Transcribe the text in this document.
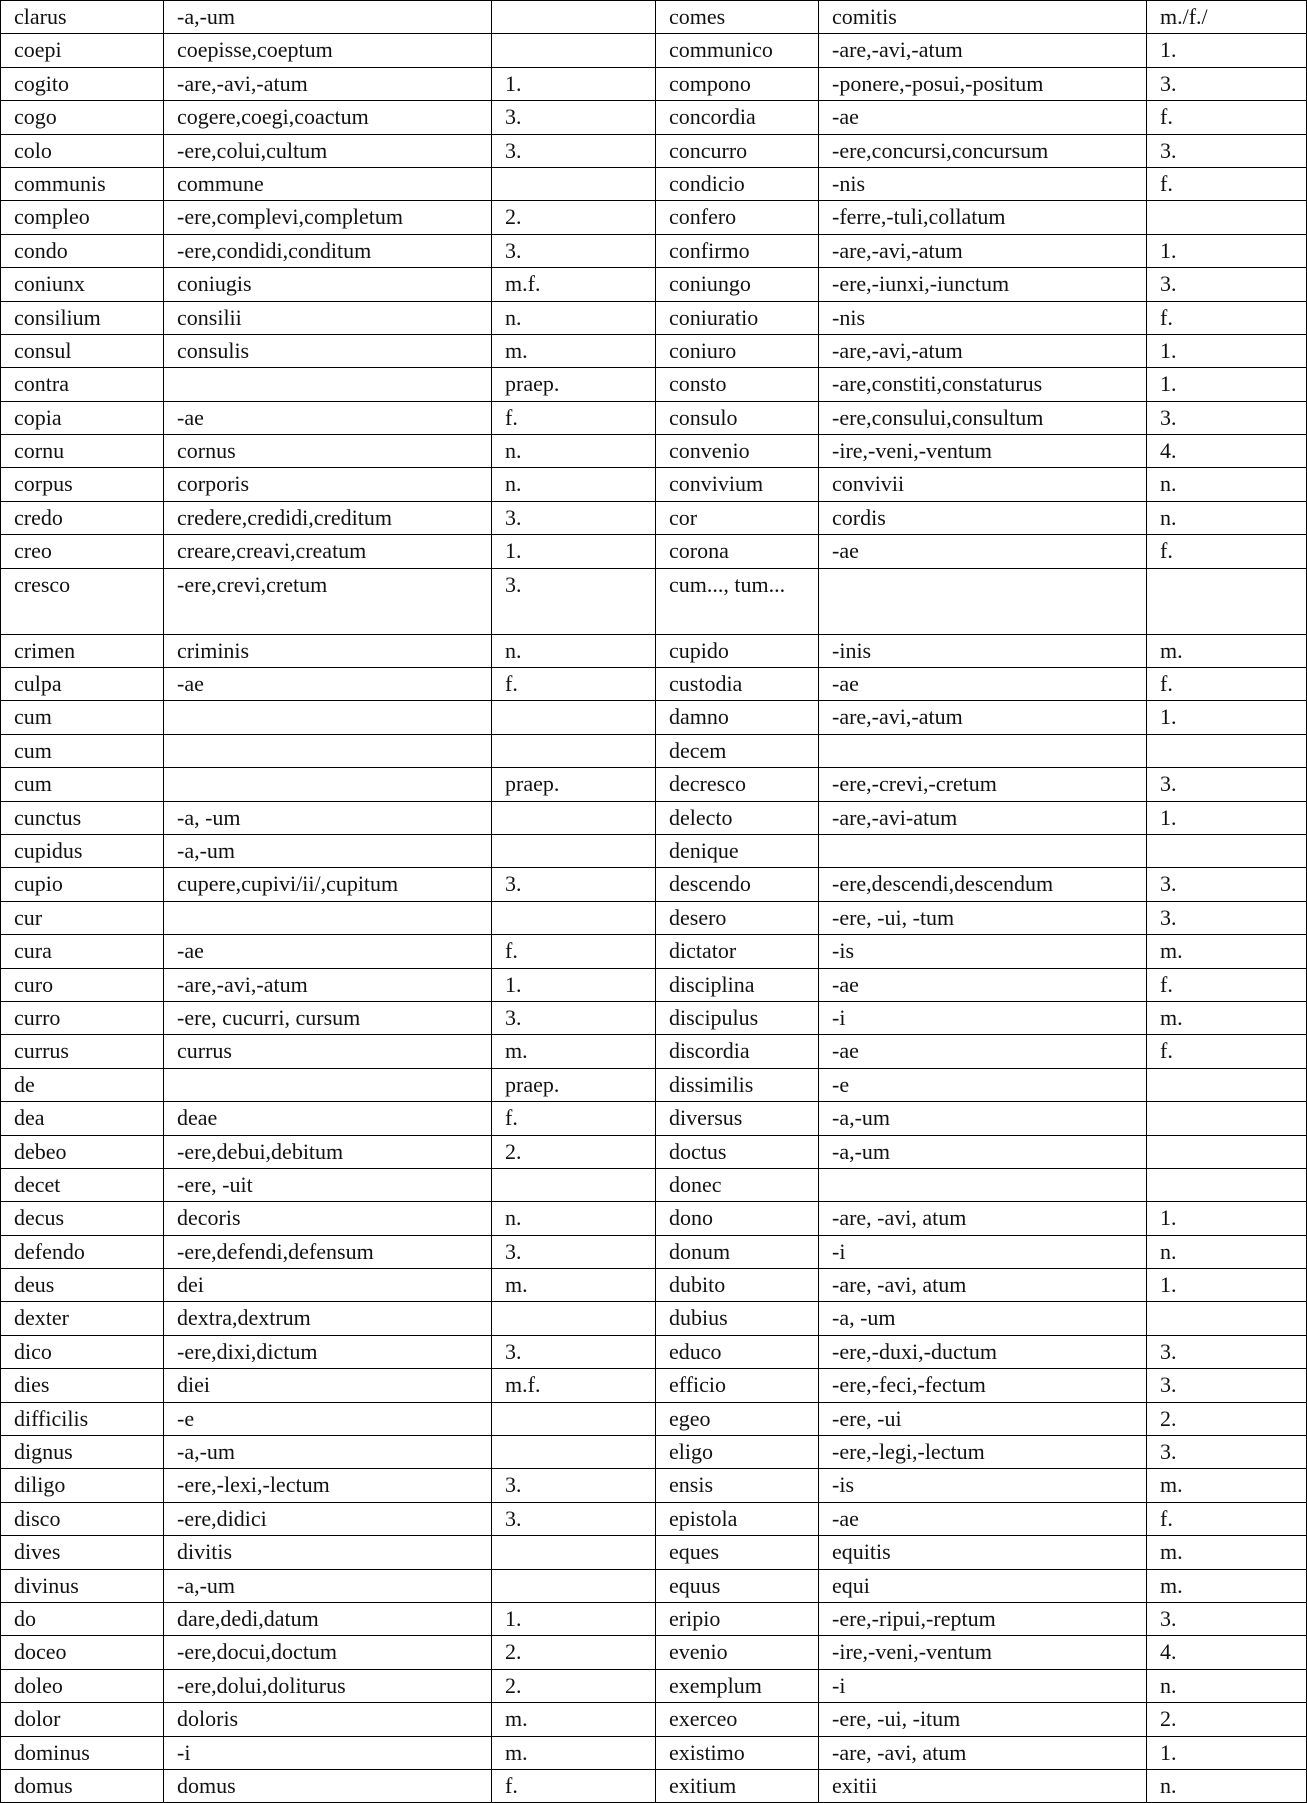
clarus	-a,-um		comes	comitis	m./f./
coepi	coepisse,coeptum		communico	-are,-avi,-atum	1.
cogito	-are,-avi,-atum	1.	compono	-ponere,-posui,-positum	3.
cogo	cogere,coegi,coactum	3.	concordia	-ae	f.
colo	-ere,colui,cultum	3.	concurro	-ere,concursi,concursum	3.
communis	commune		condicio	-nis	f.
compleo	-ere,complevi,completum	2.	confero	-ferre,-tuli,collatum	
condo	-ere,condidi,conditum	3.	confirmo	-are,-avi,-atum	1.
coniunx	coniugis	m.f.	coniungo	-ere,-iunxi,-iunctum	3.
consilium	consilii	n.	coniuratio	-nis	f.
consul	consulis	m.	coniuro	-are,-avi,-atum	1.
contra		praep.	consto	-are,constiti,constaturus	1.
copia	-ae	f.	consulo	-ere,consului,consultum	3.
cornu	cornus	n.	convenio	-ire,-veni,-ventum	4.
corpus	corporis	n.	convivium	convivii	n.
credo	credere,credidi,creditum	3.	cor	cordis	n.
creo	creare,creavi,creatum	1.	corona	-ae	f.
cresco	-ere,crevi,cretum	3.	cum..., tum...		
crimen	criminis	n.	cupido	-inis	m.
culpa	-ae	f.	custodia	-ae	f.
cum			damno	-are,-avi,-atum	1.
cum			decem		
cum		praep.	decresco	-ere,-crevi,-cretum	3.
cunctus	-a, -um		delecto	-are,-avi-atum	1.
cupidus	-a,-um		denique		
cupio	cupere,cupivi/ii/,cupitum	3.	descendo	-ere,descendi,descendum	3.
cur			desero	-ere, -ui, -tum	3.
cura	-ae	f.	dictator	-is	m.
curo	-are,-avi,-atum	1.	disciplina	-ae	f.
curro	-ere, cucurri, cursum	3.	discipulus	-i	m.
currus	currus	m.	discordia	-ae	f.
de		praep.	dissimilis	-e	
dea	deae	f.	diversus	-a,-um	
debeo	-ere,debui,debitum	2.	doctus	-a,-um	
decet	-ere, -uit		donec		
decus	decoris	n.	dono	-are, -avi, atum	1.
defendo	-ere,defendi,defensum	3.	donum	-i	n.
deus	dei	m.	dubito	-are, -avi, atum	1.
dexter	dextra,dextrum		dubius	-a, -um	
dico	-ere,dixi,dictum	3.	educo	-ere,-duxi,-ductum	3.
dies	diei	m.f.	efficio	-ere,-feci,-fectum	3.
difficilis	-e		egeo	-ere, -ui	2.
dignus	-a,-um		eligo	-ere,-legi,-lectum	3.
diligo	-ere,-lexi,-lectum	3.	ensis	-is	m.
disco	-ere,didici	3.	epistola	-ae	f.
dives	divitis		eques	equitis	m.
divinus	-a,-um		equus	equi	m.
do	dare,dedi,datum	1.	eripio	-ere,-ripui,-reptum	3.
doceo	-ere,docui,doctum	2.	evenio	-ire,-veni,-ventum	4.
doleo	-ere,dolui,doliturus	2.	exemplum	-i	n.
dolor	doloris	m.	exerceo	-ere, -ui, -itum	2.
dominus	-i	m.	existimo	-are, -avi, atum	1.
domus	domus	f.	exitium	exitii	n.
